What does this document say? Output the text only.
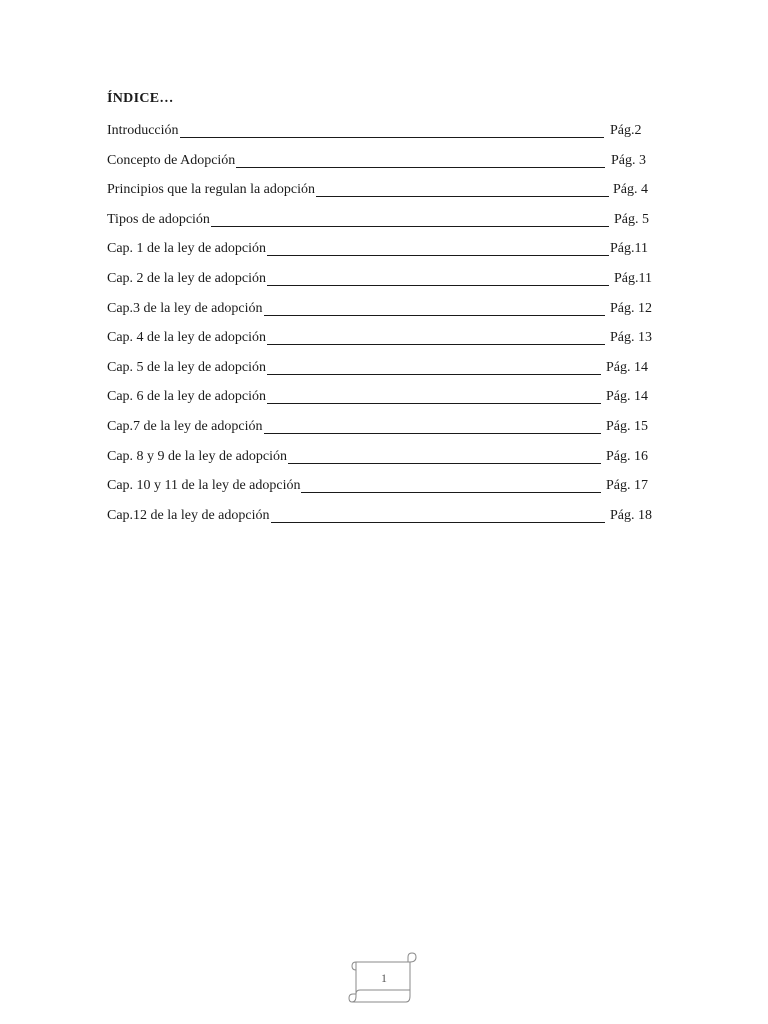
ÍNDICE…
Introducción	Pág.2
Concepto de Adopción	Pág. 3
Principios que la regulan la adopción	Pág. 4
Tipos de adopción	Pág. 5
Cap. 1 de la ley de adopción	Pág.11
Cap. 2 de la ley de adopción	Pág.11
Cap.3 de la ley de adopción	Pág. 12
Cap. 4 de la ley de adopción	Pág. 13
Cap. 5 de la ley de adopción	Pág. 14
Cap. 6 de la ley de adopción	Pág. 14
Cap.7 de la ley de adopción	Pág. 15
Cap. 8 y 9 de la ley de adopción	Pág. 16
Cap. 10 y 11 de la ley de adopción	Pág. 17
Cap.12 de la ley de adopción	Pág. 18
1
